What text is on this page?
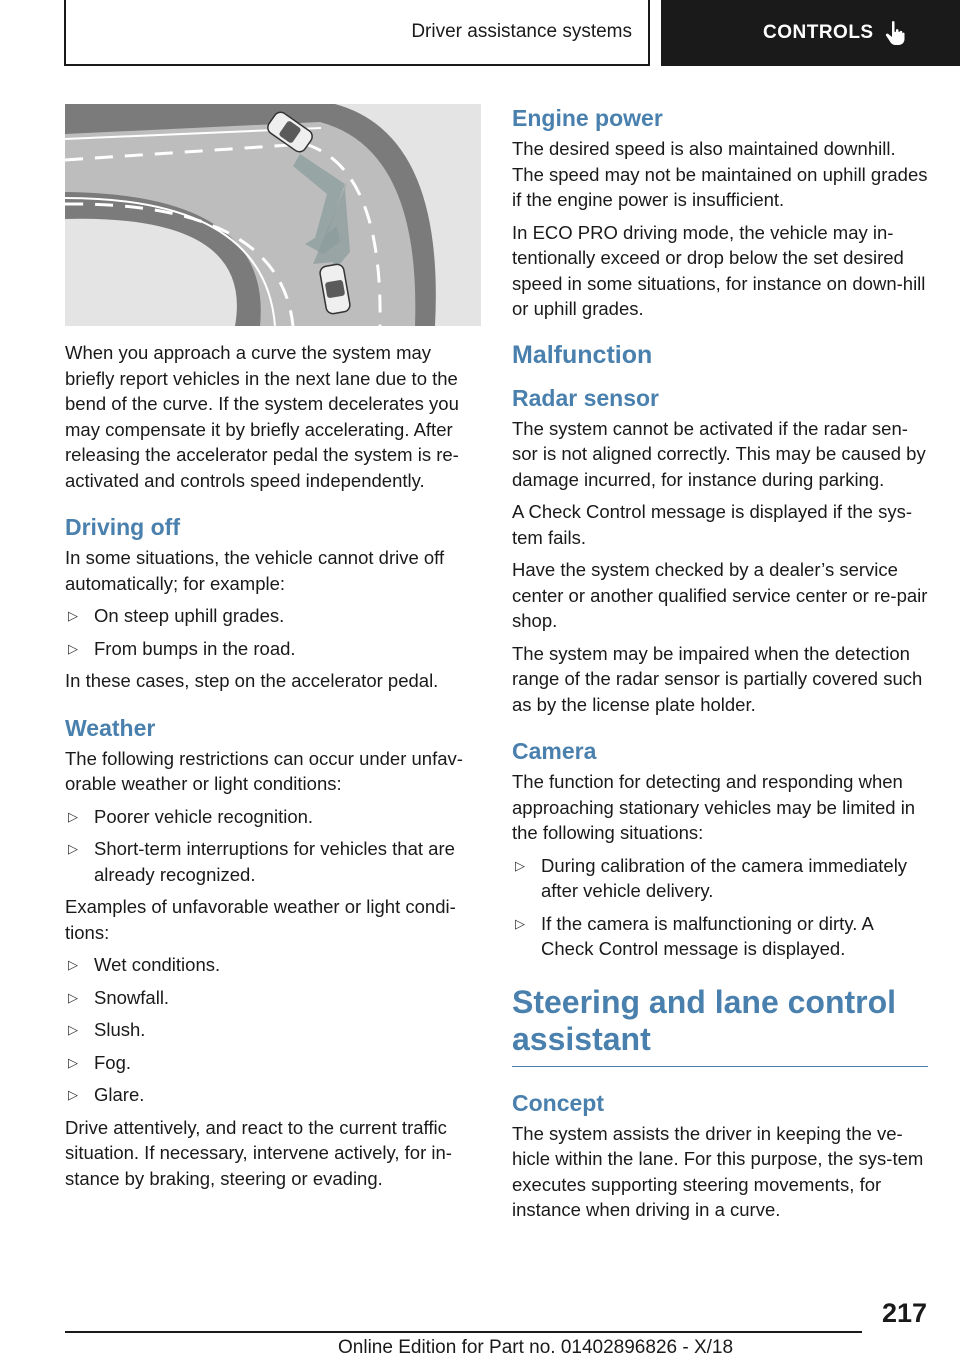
Driver assistance systems	CONTROLS

When you approach a curve the system may briefly report vehicles in the next lane due to the bend of the curve. If the system decelerates you may compensate it by briefly accelerating. After releasing the accelerator pedal the system is re-activated and controls speed independently.

Driving off

In some situations, the vehicle cannot drive off automatically; for example:

▷ On steep uphill grades.
▷ From bumps in the road.

In these cases, step on the accelerator pedal.

Weather

The following restrictions can occur under unfav-orable weather or light conditions:

▷ Poorer vehicle recognition.
▷ Short-term interruptions for vehicles that are already recognized.

Examples of unfavorable weather or light condi-tions:

▷ Wet conditions.
▷ Snowfall.
▷ Slush.
▷ Fog.
▷ Glare.

Drive attentively, and react to the current traffic situation. If necessary, intervene actively, for in-stance by braking, steering or evading.

Engine power

The desired speed is also maintained downhill. The speed may not be maintained on uphill grades if the engine power is insufficient.

In ECO PRO driving mode, the vehicle may in-tentionally exceed or drop below the set desired speed in some situations, for instance on down-hill or uphill grades.

Malfunction
Radar sensor

The system cannot be activated if the radar sen-sor is not aligned correctly. This may be caused by damage incurred, for instance during parking.

A Check Control message is displayed if the sys-tem fails.

Have the system checked by a dealer’s service center or another qualified service center or re-pair shop.

The system may be impaired when the detection range of the radar sensor is partially covered such as by the license plate holder.

Camera

The function for detecting and responding when approaching stationary vehicles may be limited in the following situations:

▷ During calibration of the camera immediately after vehicle delivery.
▷ If the camera is malfunctioning or dirty. A Check Control message is displayed.
Steering and lane control assistant
Concept

The system assists the driver in keeping the ve-hicle within the lane. For this purpose, the sys-tem executes supporting steering movements, for instance when driving in a curve.

217
Online Edition for Part no. 01402896826 - X/18
